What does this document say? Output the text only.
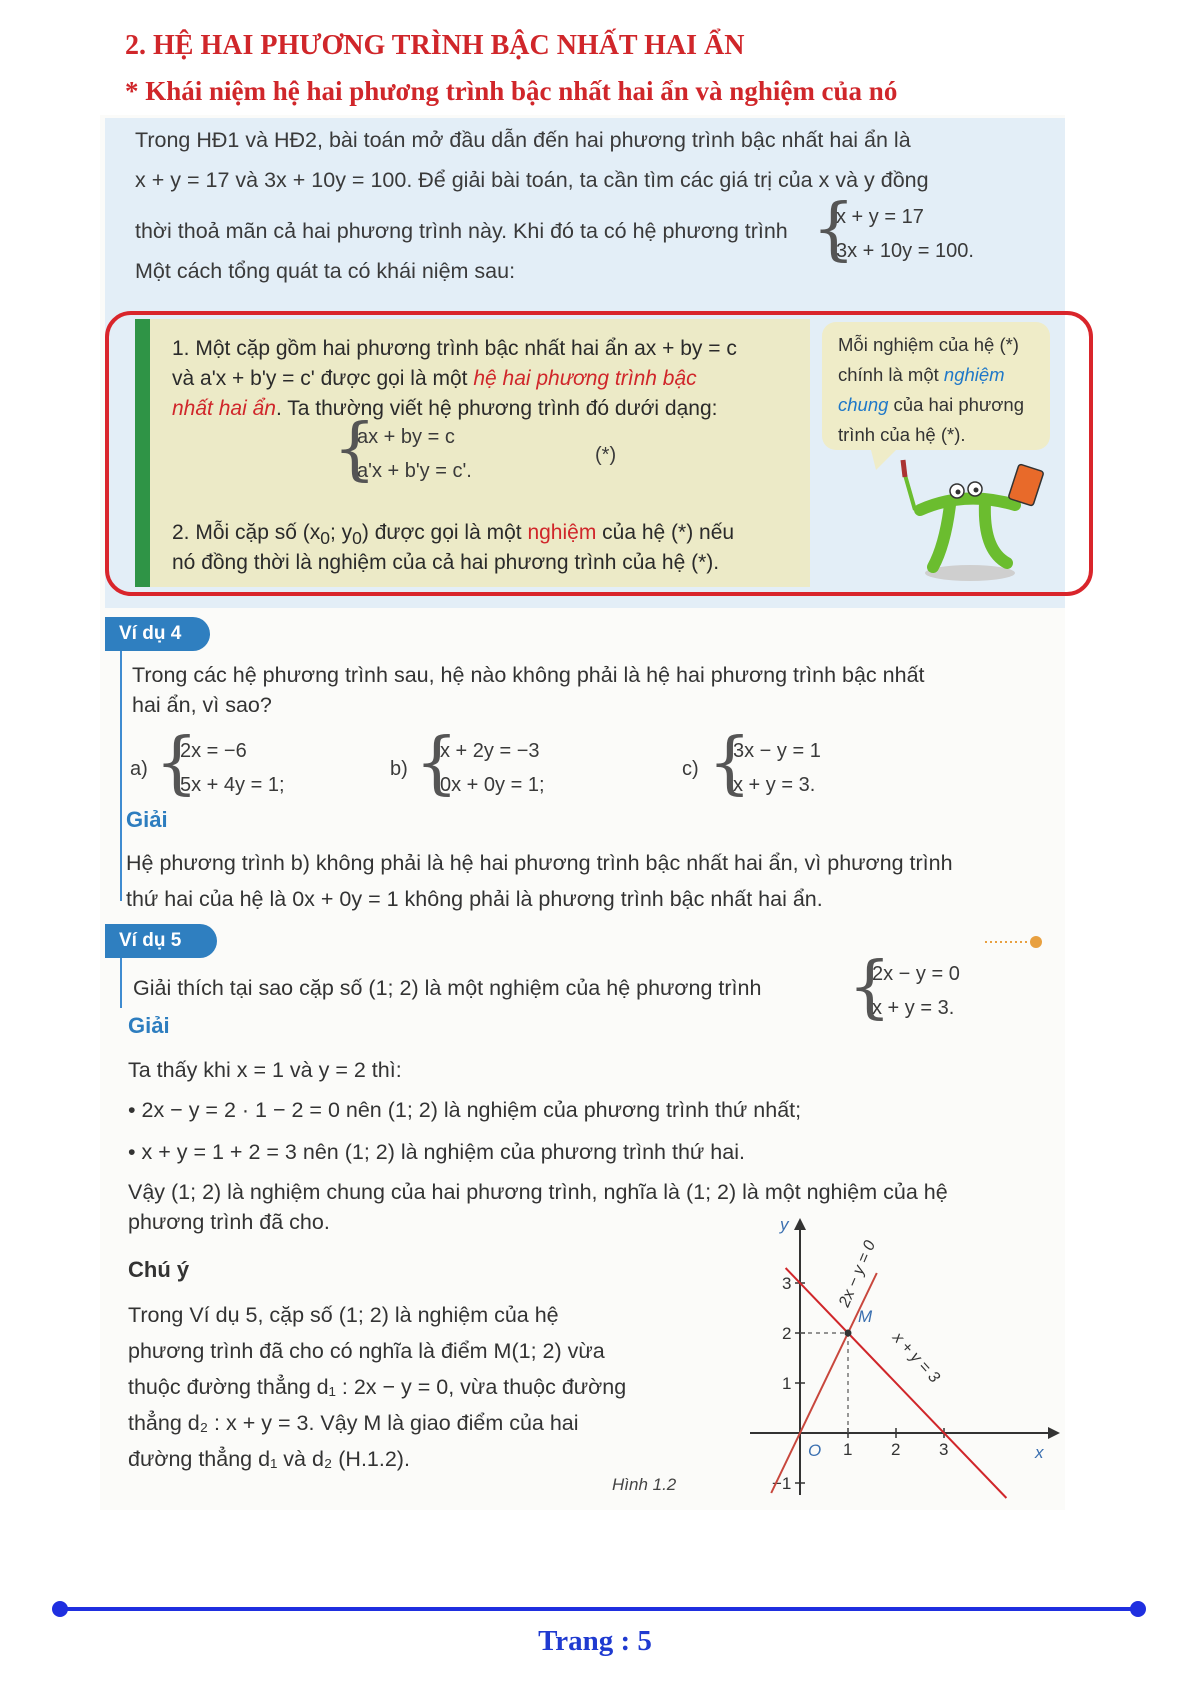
2. HỆ HAI PHƯƠNG TRÌNH BẬC NHẤT HAI ẨN
* Khái niệm hệ hai phương trình bậc nhất hai ẩn và nghiệm của nó
Trong HĐ1 và HĐ2, bài toán mở đầu dẫn đến hai phương trình bậc nhất hai ẩn là
x + y = 17 và 3x + 10y = 100. Để giải bài toán, ta cần tìm các giá trị của x và y đồng
thời thoả mãn cả hai phương trình này. Khi đó ta có hệ phương trình {
x + y = 17
3x + 10y = 100.
Một cách tổng quát ta có khái niệm sau:
1. Một cặp gồm hai phương trình bậc nhất hai ẩn ax + by = c
và a'x + b'y = c' được gọi là một hệ hai phương trình bậc
nhất hai ẩn. Ta thường viết hệ phương trình đó dưới dạng:
{
ax + by = c
a'x + b'y = c'.
(*)
2. Mỗi cặp số ($x_0$; $y_0$) được gọi là một nghiệm của hệ (*) nếu
nó đồng thời là nghiệm của cả hai phương trình của hệ (*).
Mỗi nghiệm của hệ (*)
chính là một nghiệm
chung của hai phương
trình của hệ (*).
Ví dụ 4
Trong các hệ phương trình sau, hệ nào không phải là hệ hai phương trình bậc nhất
hai ẩn, vì sao?
a) {
2x = −6
5x + 4y = 1;
b) {
x + 2y = −3
0x + 0y = 1;
c) {
3x − y = 1
x + y = 3.
Giải
Hệ phương trình b) không phải là hệ hai phương trình bậc nhất hai ẩn, vì phương trình
thứ hai của hệ là 0x + 0y = 1 không phải là phương trình bậc nhất hai ẩn.
Ví dụ 5
Giải thích tại sao cặp số (1; 2) là một nghiệm của hệ phương trình {
2x − y = 0
x + y = 3.
Giải
Ta thấy khi x = 1 và y = 2 thì:
• 2x − y = 2 · 1 − 2 = 0 nên (1; 2) là nghiệm của phương trình thứ nhất;
• x + y = 1 + 2 = 3 nên (1; 2) là nghiệm của phương trình thứ hai.
Vậy (1; 2) là nghiệm chung của hai phương trình, nghĩa là (1; 2) là một nghiệm của hệ
phương trình đã cho.
Chú ý
Trong Ví dụ 5, cặp số (1; 2) là nghiệm của hệ
phương trình đã cho có nghĩa là điểm M(1; 2) vừa
thuộc đường thẳng d₁ : 2x − y = 0, vừa thuộc đường
thẳng d₂ : x + y = 3. Vậy M là giao điểm của hai
đường thẳng d₁ và d₂ (H.1.2).
Hình 1.2
y
x
O 1 2 3
3
2
1
−1
M
2x − y = 0
x + y = 3
Trang : 5
